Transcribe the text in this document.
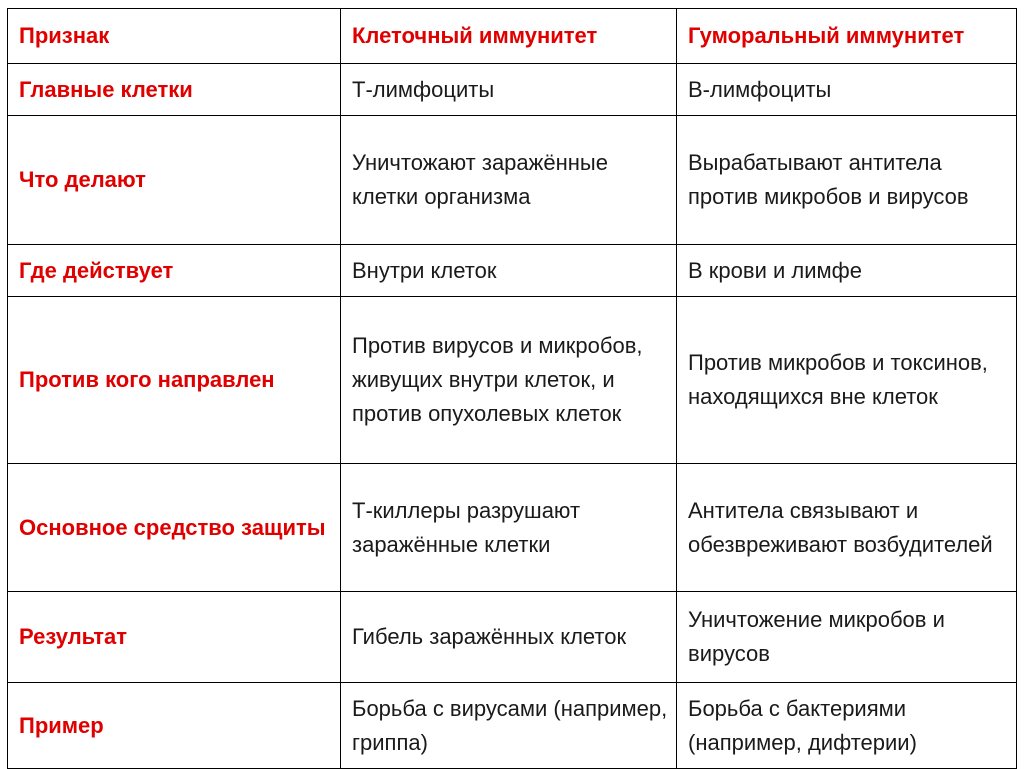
Признак	Клеточный иммунитет	Гуморальный иммунитет

Главные клетки	Т-лимфоциты	В-лимфоциты

Что делают	Уничтожают заражённые клетки организма	Вырабатывают антитела против микробов и вирусов

Где действует	Внутри клеток	В крови и лимфе

Против кого направлен	Против вирусов и микробов, живущих внутри клеток, и против опухолевых клеток	Против микробов и токсинов, находящихся вне клеток

Основное средство защиты	Т-киллеры разрушают заражённые клетки	Антитела связывают и обезвреживают возбудителей

Результат	Гибель заражённых клеток	Уничтожение микробов и вирусов

Пример	Борьба с вирусами (например, гриппа)	Борьба с бактериями (например, дифтерии)
